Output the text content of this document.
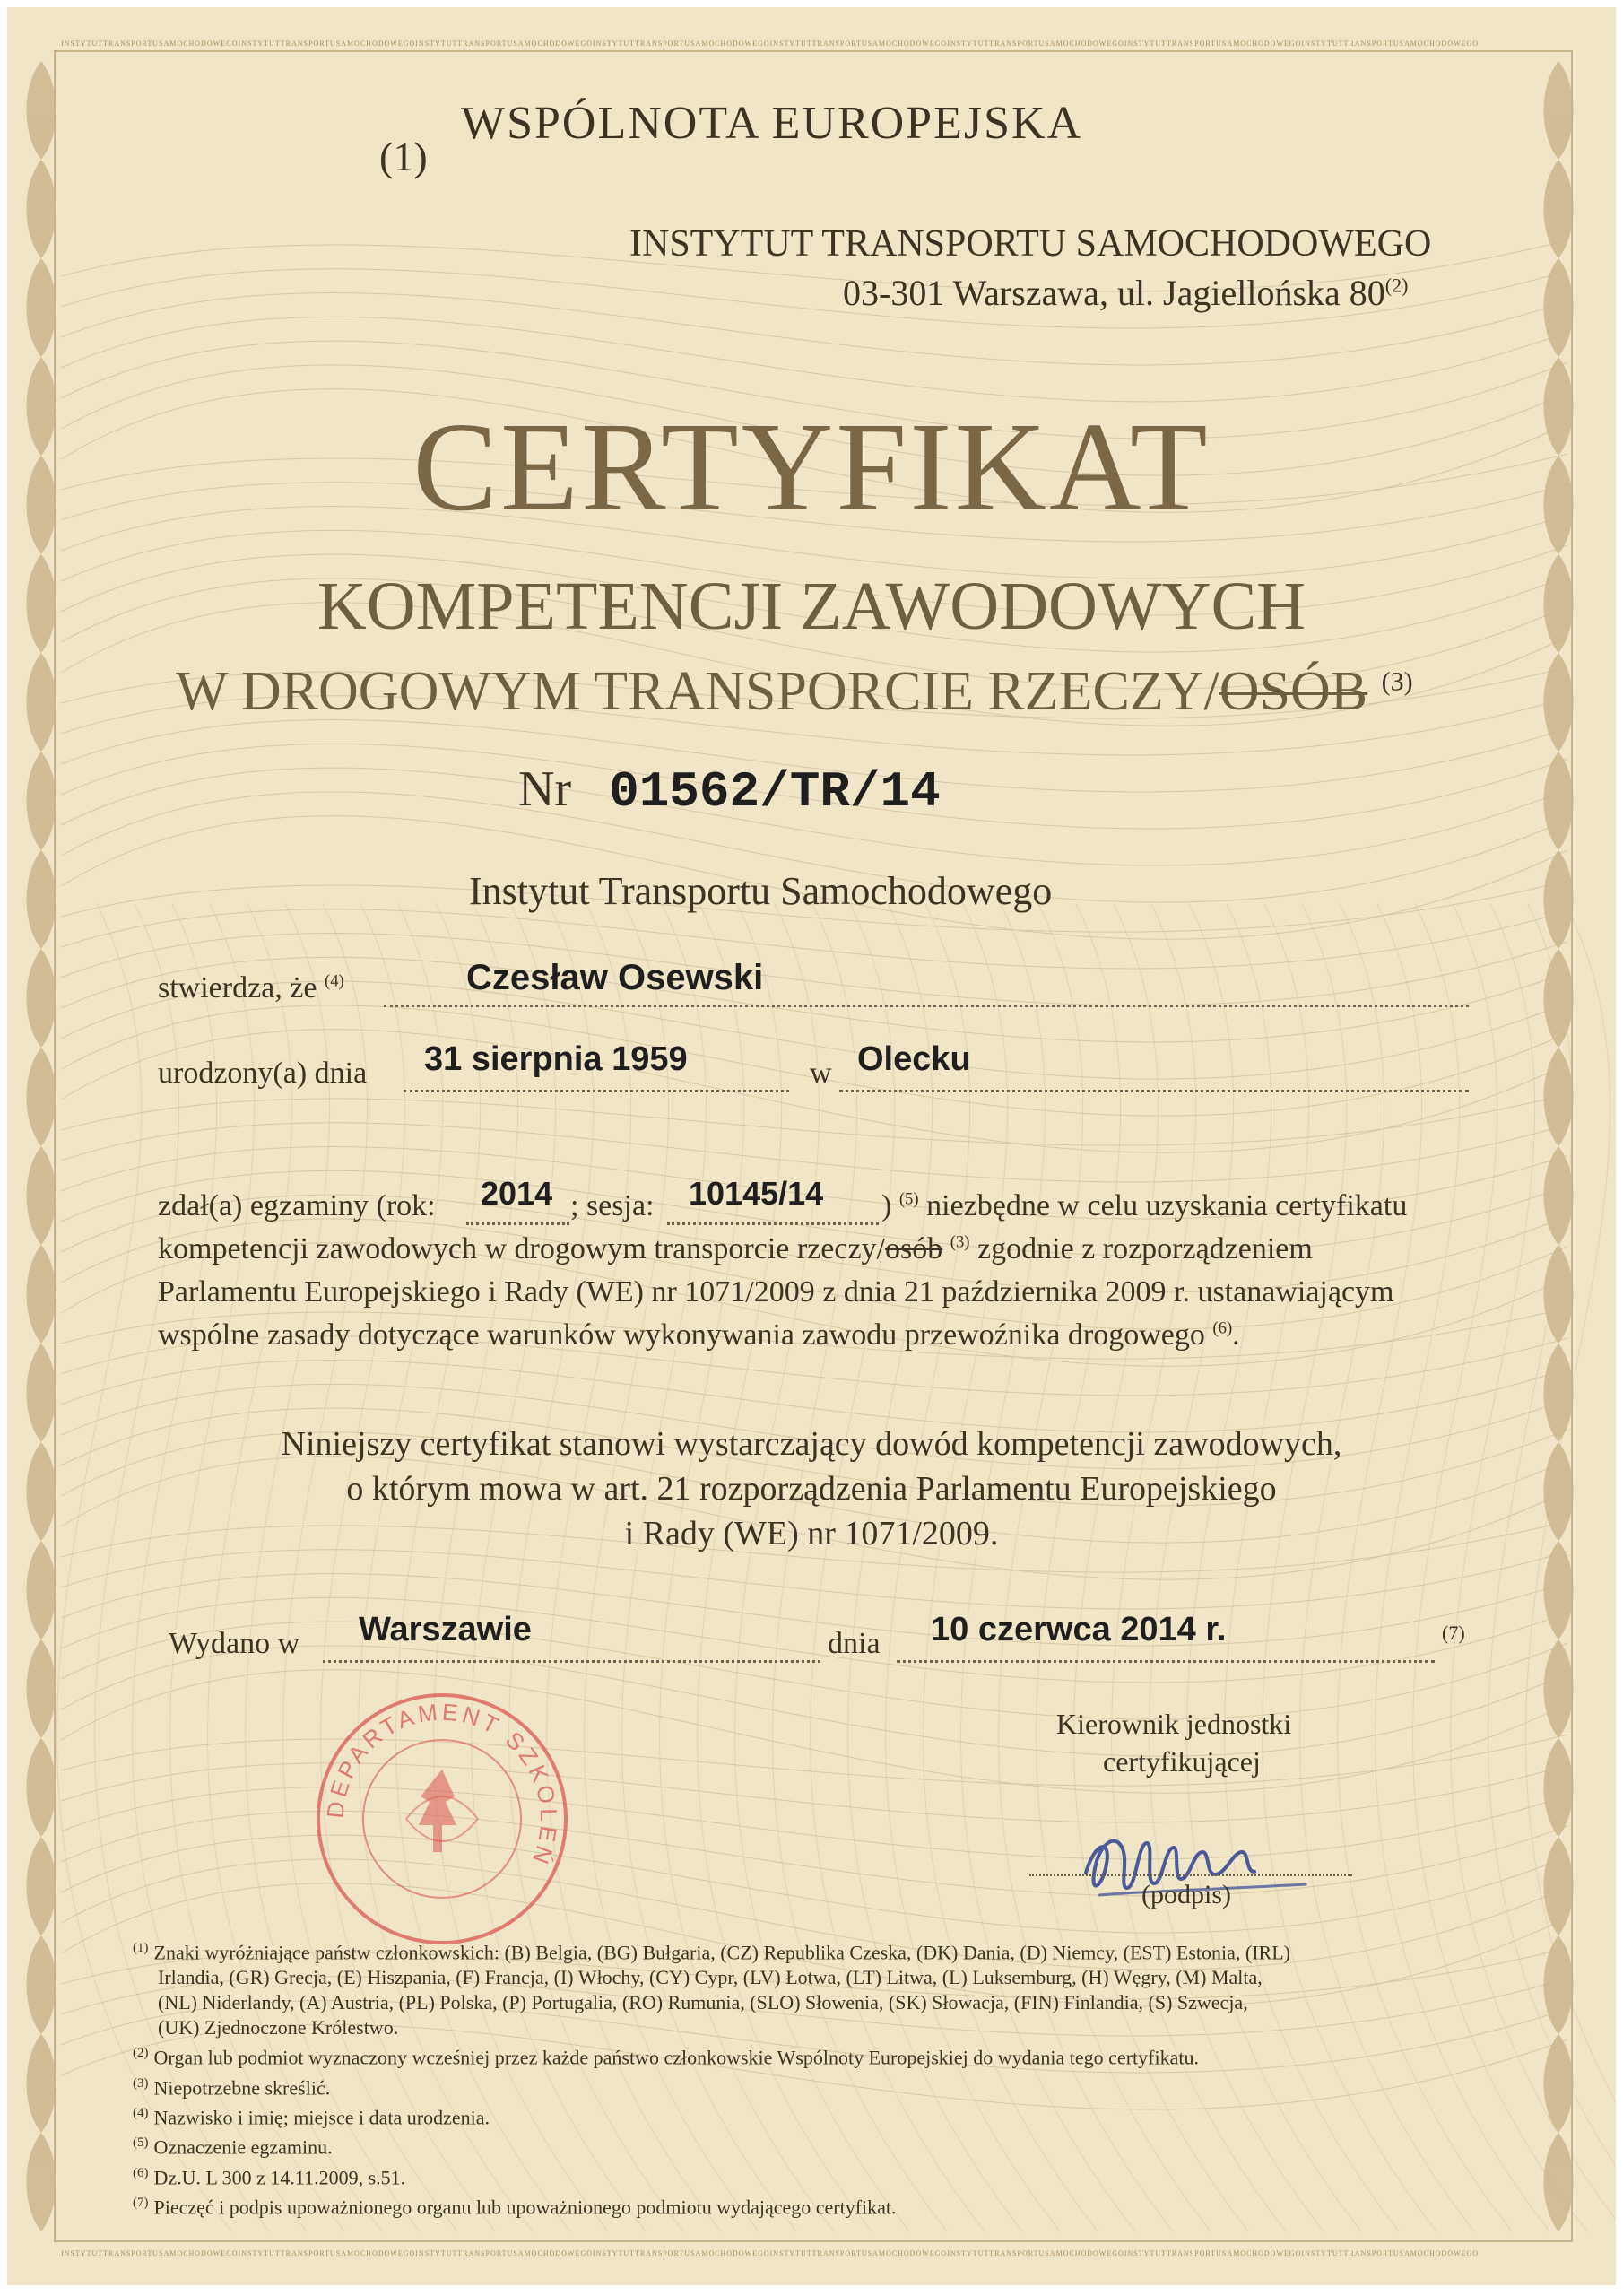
INSTYTUTTRANSPORTUSAMOCHODOWEGOINSTYTUTTRANSPORTUSAMOCHODOWEGOINSTYTUTTRANSPORTUSAMOCHODOWEGOINSTYTUTTRANSPORTUSAMOCHODOWEGOINSTYTUTTRANSPORTUSAMOCHODOWEGOINSTYTUTTRANSPORTUSAMOCHODOWEGOINSTYTUTTRANSPORTUSAMOCHODOWEGOINSTYTUTTRANSPORTUSAMOCHODOWEGO
INSTYTUTTRANSPORTUSAMOCHODOWEGOINSTYTUTTRANSPORTUSAMOCHODOWEGOINSTYTUTTRANSPORTUSAMOCHODOWEGOINSTYTUTTRANSPORTUSAMOCHODOWEGOINSTYTUTTRANSPORTUSAMOCHODOWEGOINSTYTUTTRANSPORTUSAMOCHODOWEGOINSTYTUTTRANSPORTUSAMOCHODOWEGOINSTYTUTTRANSPORTUSAMOCHODOWEGO
(1)
WSPÓLNOTA EUROPEJSKA
INSTYTUT TRANSPORTU SAMOCHODOWEGO
03-301 Warszawa, ul. Jagiellońska 80$^{(2)}$
CERTYFIKAT
KOMPETENCJI ZAWODOWYCH
W DROGOWYM TRANSPORCIE RZECZY/OSÓB $^{(3)}$
Nr 01562/TR/14
Instytut Transportu Samochodowego
stwierdza, że $^{(4)}$	Czesław Osewski
urodzony(a) dnia 31 sierpnia 1959	w Olecku
zdał(a) egzaminy (rok: 2014 ; sesja: 10145/14 ) $^{(5)}$ niezbędne w celu uzyskania certyfikatu
kompetencji zawodowych w drogowym transporcie rzeczy/osób $^{(3)}$ zgodnie z rozporządzeniem
Parlamentu Europejskiego i Rady (WE) nr 1071/2009 z dnia 21 października 2009 r. ustanawiającym
wspólne zasady dotyczące warunków wykonywania zawodu przewoźnika drogowego $^{(6)}$.
Niniejszy certyfikat stanowi wystarczający dowód kompetencji zawodowych,
o którym mowa w art. 21 rozporządzenia Parlamentu Europejskiego
i Rady (WE) nr 1071/2009.
Wydano w Warszawie	dnia 10 czerwca 2014 r.	(7)
Kierownik jednostki
certyfikującej
DEPARTAMENT SZKOLEŃ
(podpis)
$^{(1)}$ Znaki wyróżniające państw członkowskich: (B) Belgia, (BG) Bułgaria, (CZ) Republika Czeska, (DK) Dania, (D) Niemcy, (EST) Estonia, (IRL)
Irlandia, (GR) Grecja, (E) Hiszpania, (F) Francja, (I) Włochy, (CY) Cypr, (LV) Łotwa, (LT) Litwa, (L) Luksemburg, (H) Węgry, (M) Malta,
(NL) Niderlandy, (A) Austria, (PL) Polska, (P) Portugalia, (RO) Rumunia, (SLO) Słowenia, (SK) Słowacja, (FIN) Finlandia, (S) Szwecja,
(UK) Zjednoczone Królestwo.
$^{(2)}$ Organ lub podmiot wyznaczony wcześniej przez każde państwo członkowskie Wspólnoty Europejskiej do wydania tego certyfikatu.
$^{(3)}$ Niepotrzebne skreślić.
$^{(4)}$ Nazwisko i imię; miejsce i data urodzenia.
$^{(5)}$ Oznaczenie egzaminu.
$^{(6)}$ Dz.U. L 300 z 14.11.2009, s.51.
$^{(7)}$ Pieczęć i podpis upoważnionego organu lub upoważnionego podmiotu wydającego certyfikat.
